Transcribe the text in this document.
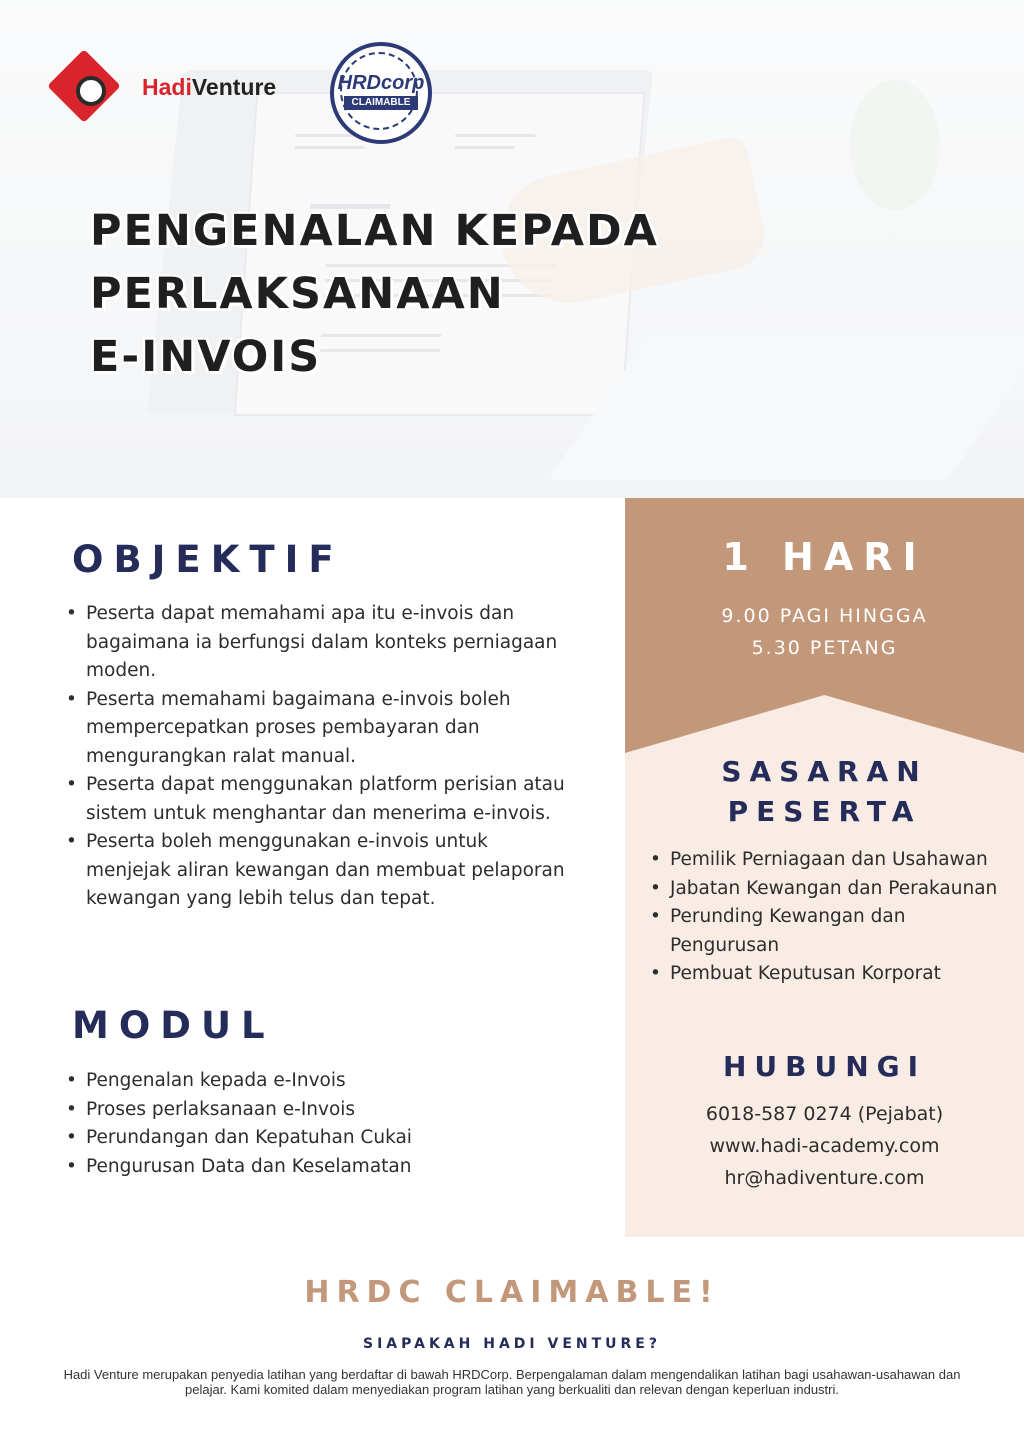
HadiVenture	HRDcorp
CLAIMABLE
PENGENALAN KEPADA
PERLAKSANAAN
E-INVOIS
OBJEKTIF
• Peserta dapat memahami apa itu e-invois dan bagaimana ia berfungsi dalam konteks perniagaan moden.
• Peserta memahami bagaimana e-invois boleh mempercepatkan proses pembayaran dan mengurangkan ralat manual.
• Peserta dapat menggunakan platform perisian atau sistem untuk menghantar dan menerima e-invois.
• Peserta boleh menggunakan e-invois untuk menjejak aliran kewangan dan membuat pelaporan kewangan yang lebih telus dan tepat.
MODUL
• Pengenalan kepada e-Invois
• Proses perlaksanaan e-Invois
• Perundangan dan Kepatuhan Cukai
• Pengurusan Data dan Keselamatan
1 HARI
9.00 PAGI HINGGA
5.30 PETANG
SASARAN
PESERTA
• Pemilik Perniagaan dan Usahawan
• Jabatan Kewangan dan Perakaunan
• Perunding Kewangan dan Pengurusan
• Pembuat Keputusan Korporat
HUBUNGI
6018-587 0274 (Pejabat)
www.hadi-academy.com
hr@hadiventure.com
HRDC CLAIMABLE!
SIAPAKAH HADI VENTURE?

Hadi Venture merupakan penyedia latihan yang berdaftar di bawah HRDCorp. Berpengalaman dalam mengendalikan latihan bagi usahawan-usahawan dan pelajar. Kami komited dalam menyediakan program latihan yang berkualiti dan relevan dengan keperluan industri.
